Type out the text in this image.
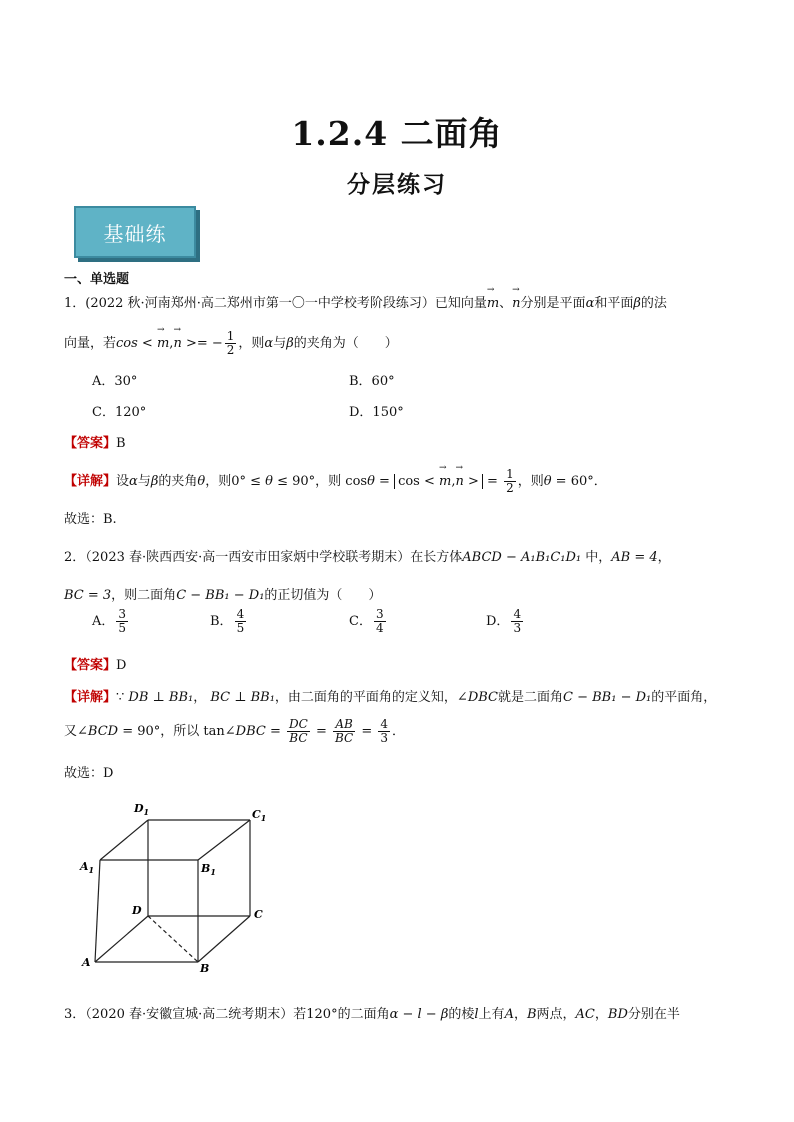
1.2.4 二面角
分层练习
基础练
一、单选题
1．(2022 秋·河南郑州·高二郑州市第一〇一中学校考阶段练习）已知向量→ m、→ n分别是平面α和平面β的法
向量，若cos < → m,→ n >= − $\frac{1}{2}$ ，则α与β的夹角为（　　）
A．30°	B．60°
C．120°	D．150°
【答案】B
【详解】设α与β的夹角θ，则0° ≤ θ ≤ 90°，则 cosθ = cos < → m,→ n > = $\frac{1}{2}$ ，则θ = 60°．
故选：B.
2．（2023 春·陕西西安·高一西安市田家炳中学校联考期末）在长方体ABCD − A₁B₁C₁D₁ 中，AB = 4，
BC = 3，则二面角C − BB₁ − D₁的正切值为（　　）
A． $\frac{3}{5}$	B． $\frac{4}{5}$	C． $\frac{3}{4}$	D． $\frac{4}{3}$
【答案】D
【详解】∵ DB ⊥ BB₁， BC ⊥ BB₁，由二面角的平面角的定义知，∠DBC就是二面角C − BB₁ − D₁的平面角，
又∠BCD = 90°，所以 tan∠DBC = $\frac{DC}{BC} = \frac{AB}{BC} = \frac{4}{3}$ ．
故选：D
$D_1$	$C_1$
$A_1$	$B_1$
D	C
A	B
3．（2020 春·安徽宣城·高二统考期末）若120°的二面角α − l − β的棱l上有A，B两点，AC，BD分别在半
